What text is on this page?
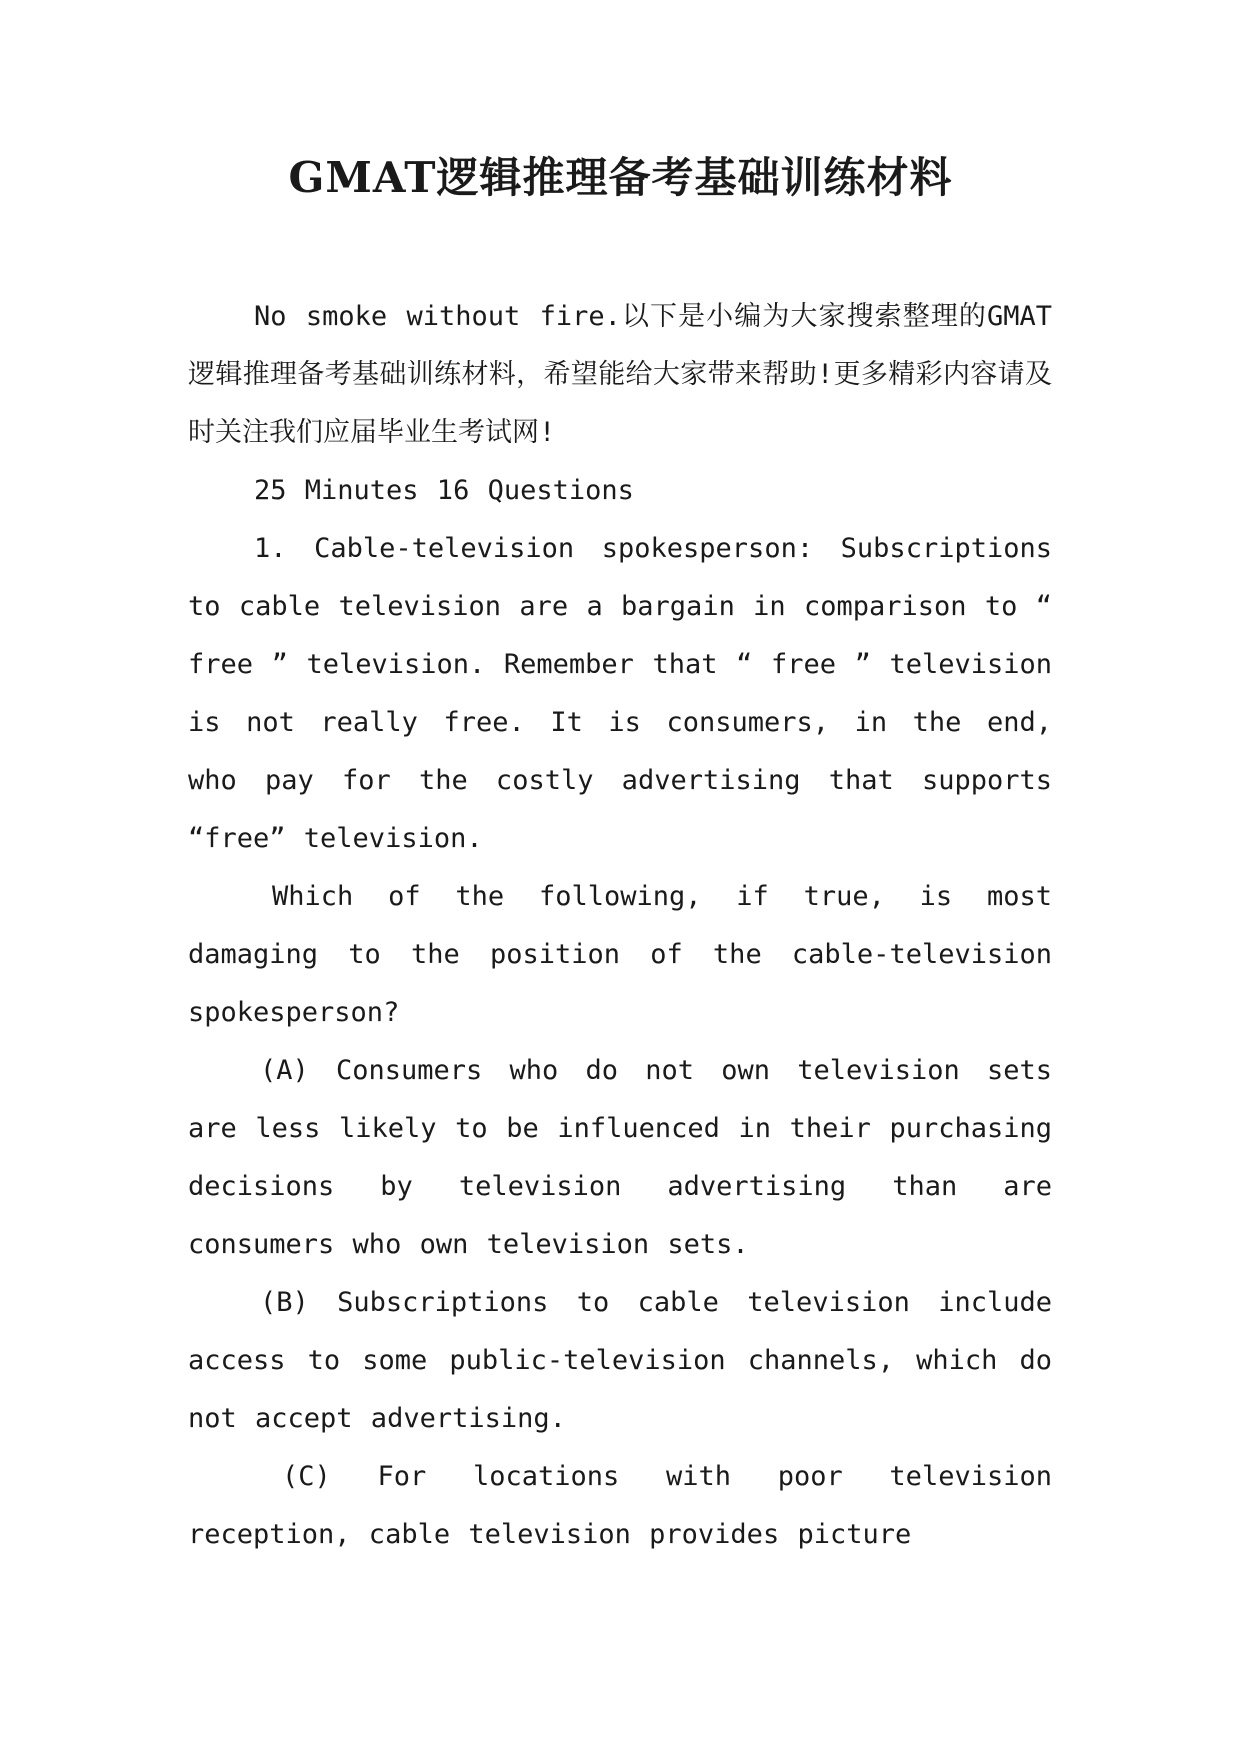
GMAT逻辑推理备考基础训练材料

No smoke without fire.以下是小编为大家搜索整理的GMAT逻辑推理备考基础训练材料，希望能给大家带来帮助!更多精彩内容请及时关注我们应届毕业生考试网!

25 Minutes 16 Questions

1. Cable-television spokesperson: Subscriptions to cable television are a bargain in comparison to “ free ” television. Remember that “ free ” television is not really free. It is consumers, in the end, who pay for the costly advertising that supports “free” television.

Which of the following, if true, is most damaging to the position of the cable-television spokesperson?

(A) Consumers who do not own television sets are less likely to be influenced in their purchasing decisions by television advertising than are consumers who own television sets.

(B) Subscriptions to cable television include access to some public-television channels, which do not accept advertising.

(C) For locations with poor television reception, cable television provides picture
